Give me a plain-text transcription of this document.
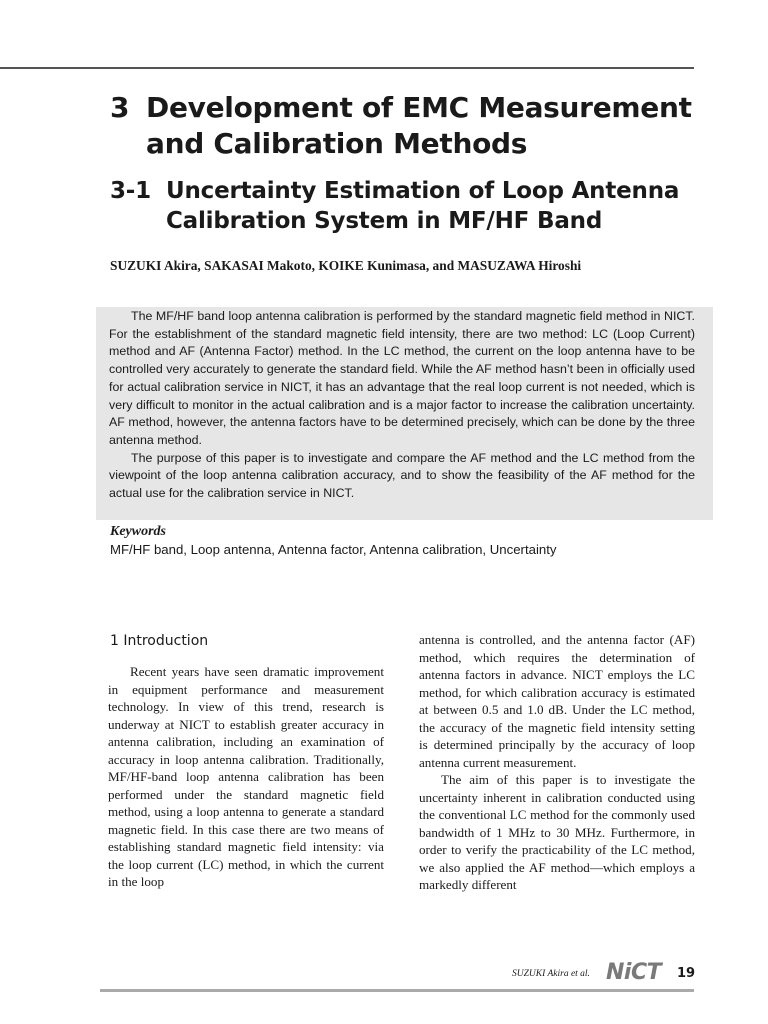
3 Development of EMC Measurement
and Calibration Methods
3-1 Uncertainty Estimation of Loop Antenna
Calibration System in MF/HF Band
SUZUKI Akira, SAKASAI Makoto, KOIKE Kunimasa, and MASUZAWA Hiroshi

The MF/HF band loop antenna calibration is performed by the standard magnetic field method in NICT. For the establishment of the standard magnetic field intensity, there are two method: LC (Loop Current) method and AF (Antenna Factor) method. In the LC method, the current on the loop antenna have to be controlled very accurately to generate the standard field. While the AF method hasn’t been in officially used for actual calibration service in NICT, it has an advantage that the real loop current is not needed, which is very difficult to monitor in the actual calibration and is a major factor to increase the calibration uncertainty. AF method, however, the antenna factors have to be determined precisely, which can be done by the three antenna method.

The purpose of this paper is to investigate and compare the AF method and the LC method from the viewpoint of the loop antenna calibration accuracy, and to show the feasibility of the AF method for the actual use for the calibration service in NICT.

Keywords
MF/HF band, Loop antenna, Antenna factor, Antenna calibration, Uncertainty
1 Introduction

Recent years have seen dramatic improvement in equipment performance and measurement technology. In view of this trend, research is underway at NICT to establish greater accuracy in antenna calibration, including an examination of accuracy in loop antenna calibration. Traditionally, MF/HF-band loop antenna calibration has been performed under the standard magnetic field method, using a loop antenna to generate a standard magnetic field. In this case there are two means of establishing standard magnetic field intensity: via the loop current (LC) method, in which the current in the loop

antenna is controlled, and the antenna factor (AF) method, which requires the determination of antenna factors in advance. NICT employs the LC method, for which calibration accuracy is estimated at between 0.5 and 1.0 dB. Under the LC method, the accuracy of the magnetic field intensity setting is determined principally by the accuracy of loop antenna current measurement.

The aim of this paper is to investigate the uncertainty inherent in calibration conducted using the conventional LC method for the commonly used bandwidth of 1 MHz to 30 MHz. Furthermore, in order to verify the practicability of the LC method, we also applied the AF method—which employs a markedly different

SUZUKI Akira et al. NiCT 19
